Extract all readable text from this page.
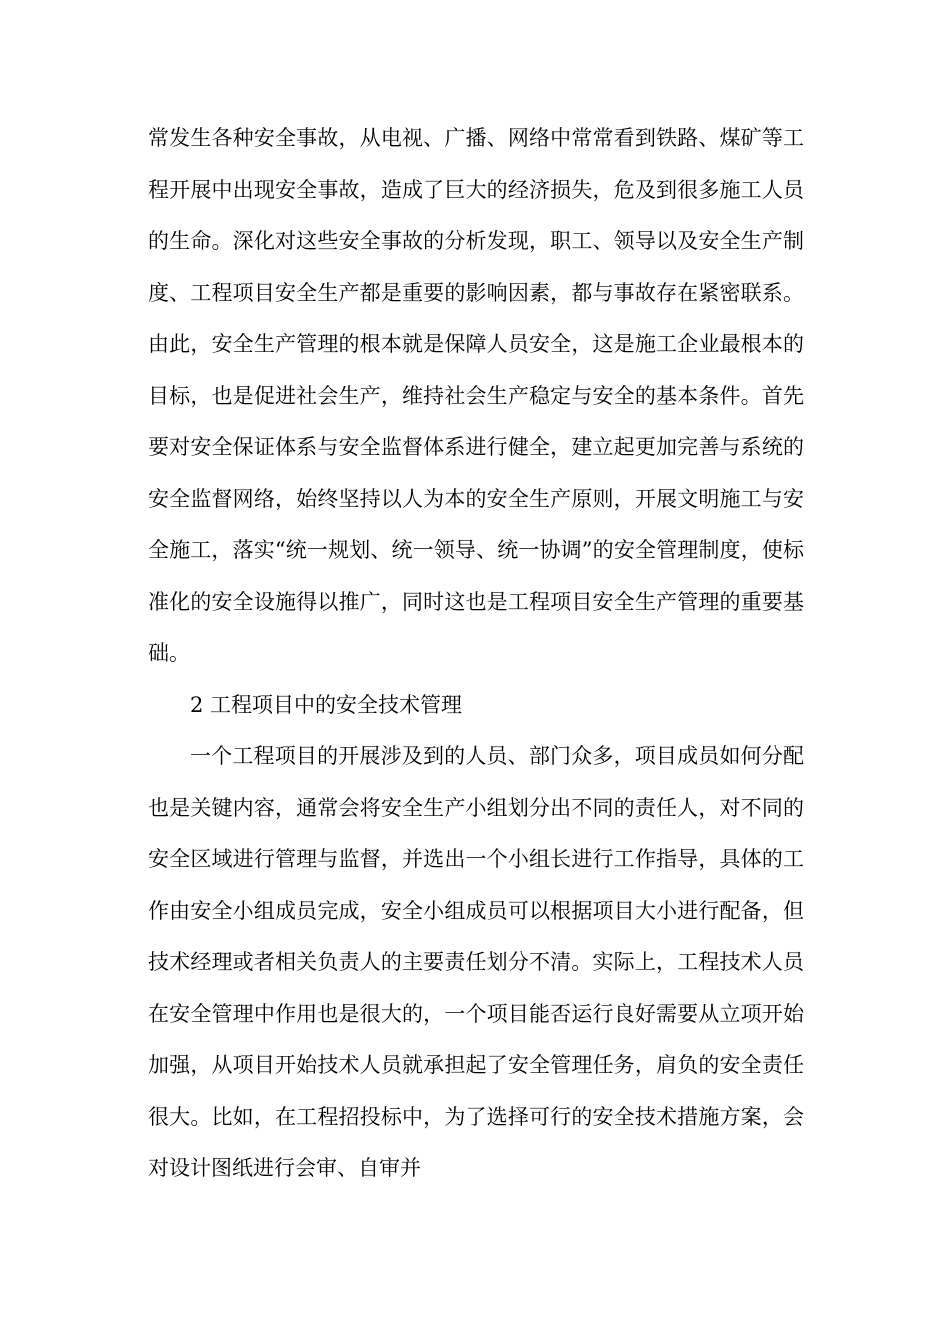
常发生各种安全事故，从电视、广播、网络中常常看到铁路、煤矿等工程开展中出现安全事故，造成了巨大的经济损失，危及到很多施工人员的生命。深化对这些安全事故的分析发现，职工、领导以及安全生产制度、工程项目安全生产都是重要的影响因素，都与事故存在紧密联系。由此，安全生产管理的根本就是保障人员安全，这是施工企业最根本的目标，也是促进社会生产，维持社会生产稳定与安全的基本条件。首先要对安全保证体系与安全监督体系进行健全，建立起更加完善与系统的安全监督网络，始终坚持以人为本的安全生产原则，开展文明施工与安全施工，落实“统一规划、统一领导、统一协调”的安全管理制度，使标准化的安全设施得以推广，同时这也是工程项目安全生产管理的重要基础。

2 工程项目中的安全技术管理

一个工程项目的开展涉及到的人员、部门众多，项目成员如何分配也是关键内容，通常会将安全生产小组划分出不同的责任人，对不同的安全区域进行管理与监督，并选出一个小组长进行工作指导，具体的工作由安全小组成员完成，安全小组成员可以根据项目大小进行配备，但技术经理或者相关负责人的主要责任划分不清。实际上，工程技术人员在安全管理中作用也是很大的，一个项目能否运行良好需要从立项开始加强，从项目开始技术人员就承担起了安全管理任务，肩负的安全责任很大。比如，在工程招投标中，为了选择可行的安全技术措施方案，会对设计图纸进行会审、自审并
